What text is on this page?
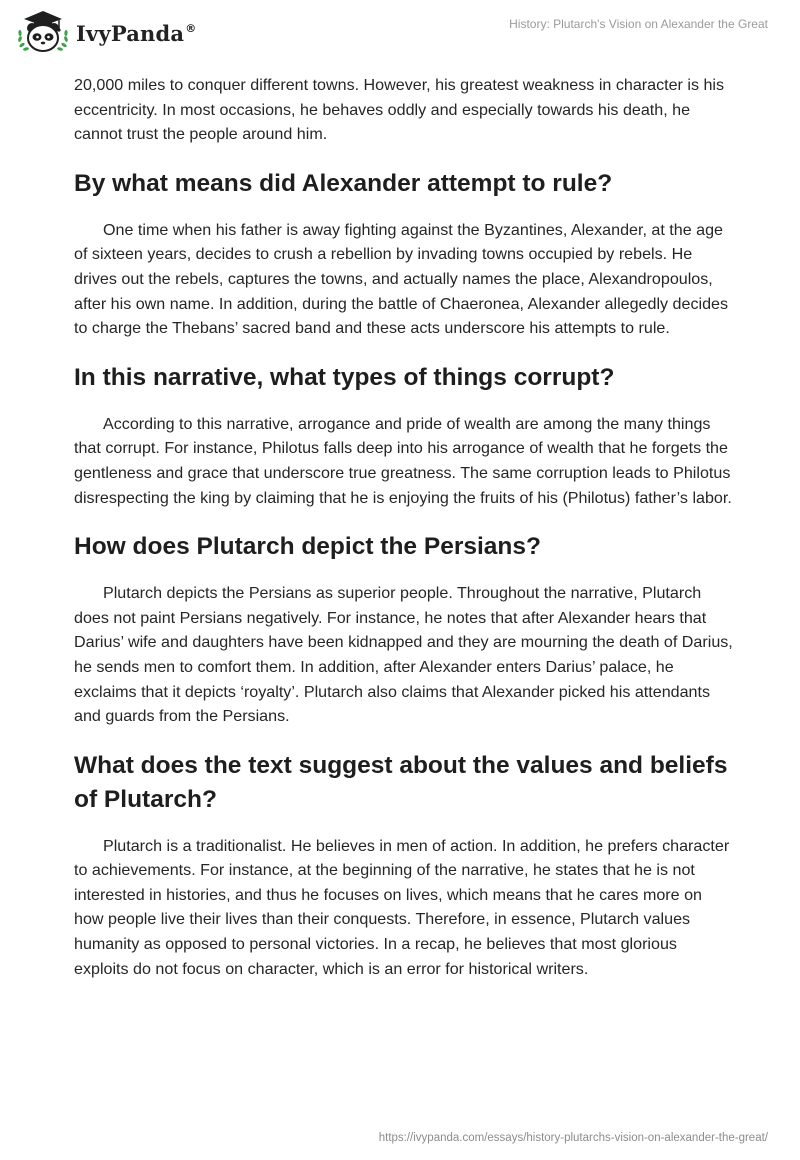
IvyPanda®	History: Plutarch's Vision on Alexander the Great

20,000 miles to conquer different towns. However, his greatest weakness in character is his eccentricity. In most occasions, he behaves oddly and especially towards his death, he cannot trust the people around him.

By what means did Alexander attempt to rule?

One time when his father is away fighting against the Byzantines, Alexander, at the age of sixteen years, decides to crush a rebellion by invading towns occupied by rebels. He drives out the rebels, captures the towns, and actually names the place, Alexandropoulos, after his own name. In addition, during the battle of Chaeronea, Alexander allegedly decides to charge the Thebans’ sacred band and these acts underscore his attempts to rule.

In this narrative, what types of things corrupt?

According to this narrative, arrogance and pride of wealth are among the many things that corrupt. For instance, Philotus falls deep into his arrogance of wealth that he forgets the gentleness and grace that underscore true greatness. The same corruption leads to Philotus disrespecting the king by claiming that he is enjoying the fruits of his (Philotus) father’s labor.

How does Plutarch depict the Persians?

Plutarch depicts the Persians as superior people. Throughout the narrative, Plutarch does not paint Persians negatively. For instance, he notes that after Alexander hears that Darius’ wife and daughters have been kidnapped and they are mourning the death of Darius, he sends men to comfort them. In addition, after Alexander enters Darius’ palace, he exclaims that it depicts ‘royalty’. Plutarch also claims that Alexander picked his attendants and guards from the Persians.

What does the text suggest about the values and beliefs of Plutarch?

Plutarch is a traditionalist. He believes in men of action. In addition, he prefers character to achievements. For instance, at the beginning of the narrative, he states that he is not interested in histories, and thus he focuses on lives, which means that he cares more on how people live their lives than their conquests. Therefore, in essence, Plutarch values humanity as opposed to personal victories. In a recap, he believes that most glorious exploits do not focus on character, which is an error for historical writers.

https://ivypanda.com/essays/history-plutarchs-vision-on-alexander-the-great/
